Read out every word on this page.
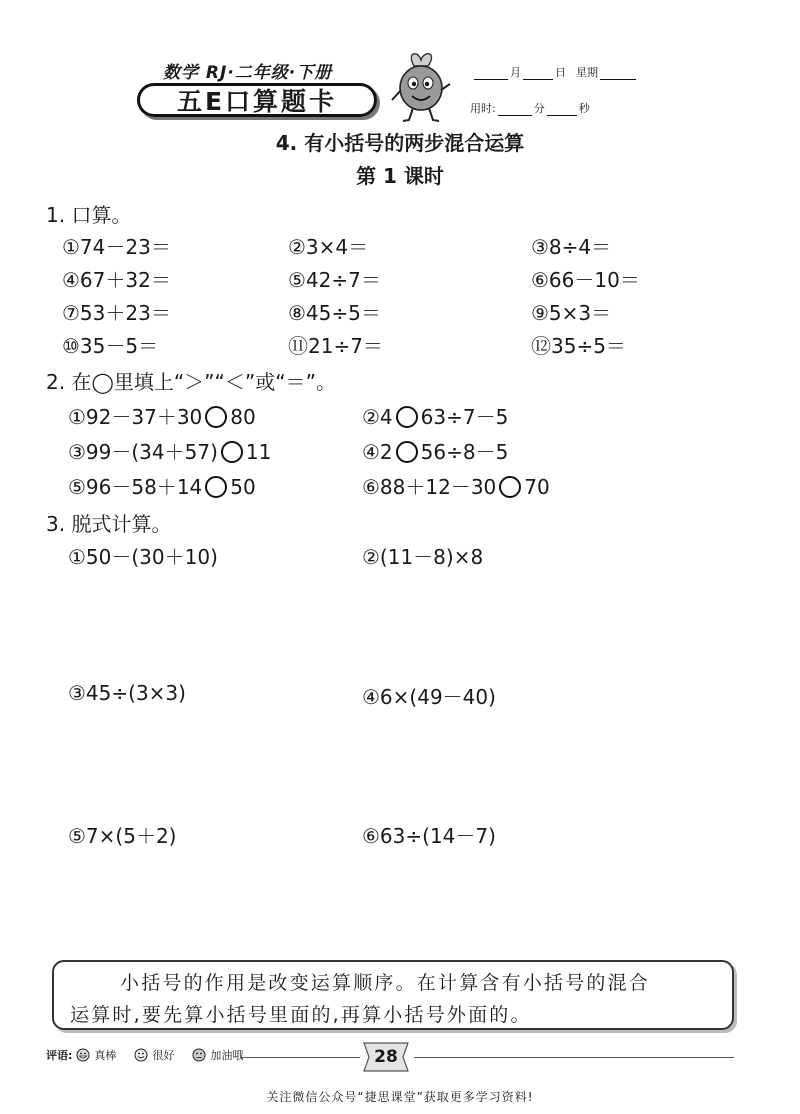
数学 RJ·二年级·下册
五E口算题卡
月	日 星期
用时:	分	秒
4. 有小括号的两步混合运算
第 1 课时
1. 口算。
①74－23＝	②3×4＝	③8÷4＝
④67＋32＝	⑤42÷7＝	⑥66－10＝
⑦53＋23＝	⑧45÷5＝	⑨5×3＝
⑩35－5＝	⑪21÷7＝	⑫35÷5＝
2. 在◯里填上“＞”“＜”或“＝”。
①92－37＋30 80	②4 63÷7－5
③99－(34＋57) 11	④2 56÷8－5
⑤96－58＋14 50	⑥88＋12－30 70
3. 脱式计算。
①50－(30＋10)	②(11－8)×8
③45÷(3×3)	④6×(49－40)
⑤7×(5＋2)	⑥63÷(14－7)
小括号的作用是改变运算顺序。在计算含有小括号的混合
运算时,要先算小括号里面的,再算小括号外面的。
评语: 真棒	很好	加油哦	28
关注微信公众号“捷思课堂”获取更多学习资料!
